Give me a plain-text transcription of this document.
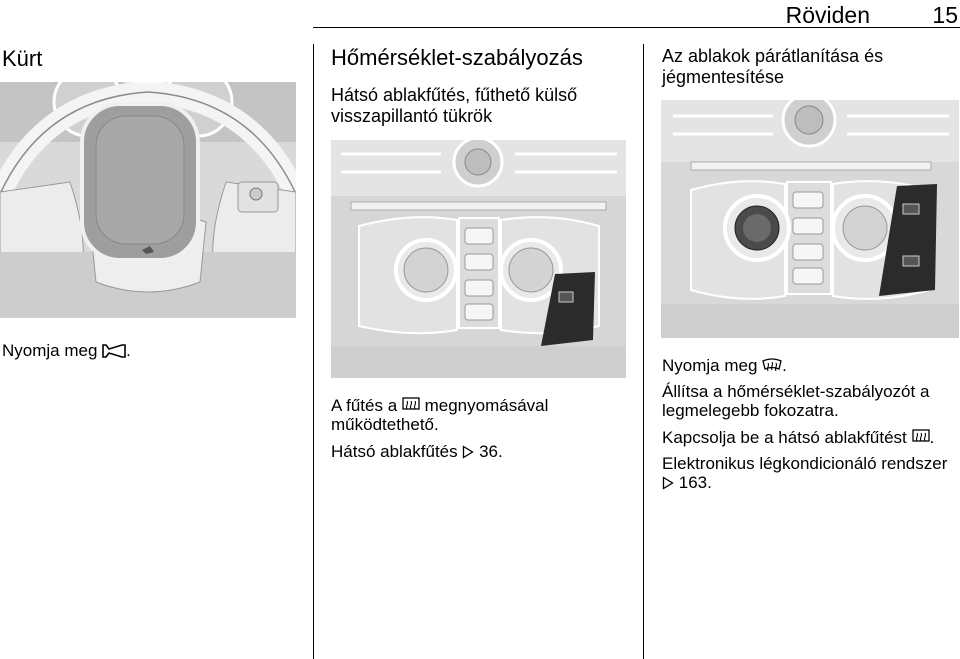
Röviden	15
Kürt
Nyomja meg .
Hőmérséklet-szabályozás
Hátsó ablakfűtés, fűthető külső visszapillantó tükrök
A fűtés a  megnyomásával működtethető.
Hátsó ablakfűtés  36.
Az ablakok párátlanítása és jégmentesítése
Nyomja meg .
Állítsa a hőmérséklet-szabályozót a legmelegebb fokozatra.
Kapcsolja be a hátsó ablakfűtést .
Elektronikus légkondicionáló rendszer  163.
